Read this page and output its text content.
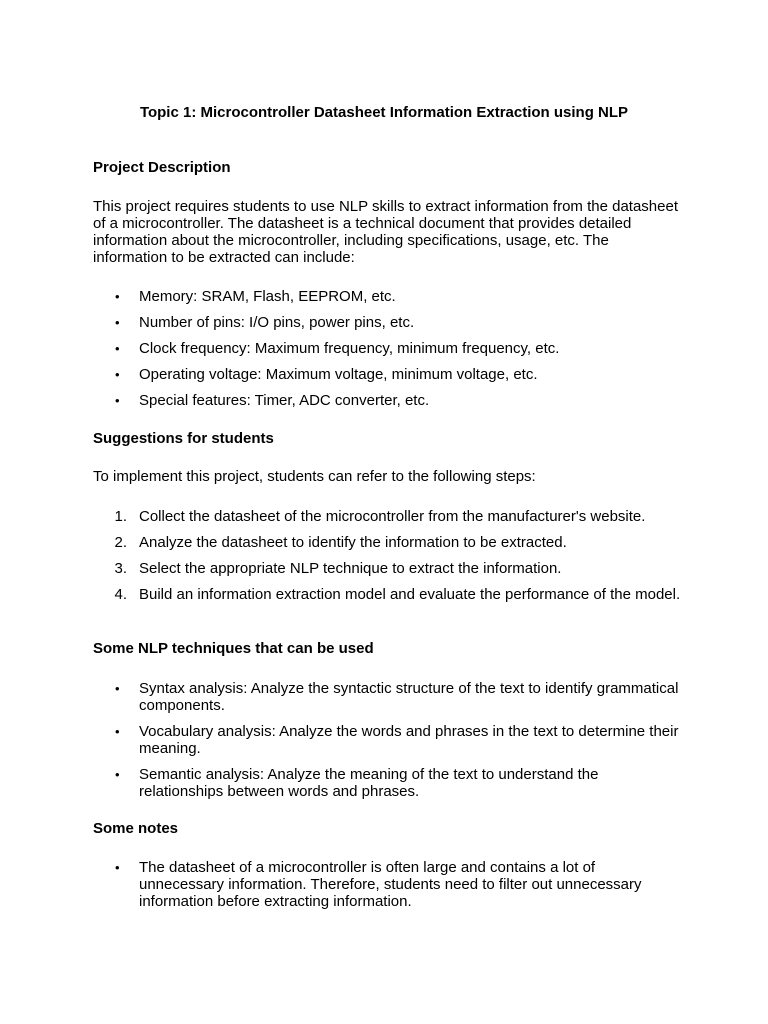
Topic 1: Microcontroller Datasheet Information Extraction using NLP
Project Description
This project requires students to use NLP skills to extract information from the datasheet of a microcontroller. The datasheet is a technical document that provides detailed information about the microcontroller, including specifications, usage, etc. The information to be extracted can include:
•	Memory: SRAM, Flash, EEPROM, etc.
•	Number of pins: I/O pins, power pins, etc.
•	Clock frequency: Maximum frequency, minimum frequency, etc.
•	Operating voltage: Maximum voltage, minimum voltage, etc.
•	Special features: Timer, ADC converter, etc.
Suggestions for students
To implement this project, students can refer to the following steps:
1. Collect the datasheet of the microcontroller from the manufacturer's website.
2. Analyze the datasheet to identify the information to be extracted.
3. Select the appropriate NLP technique to extract the information.
4. Build an information extraction model and evaluate the performance of the model.
Some NLP techniques that can be used
•	Syntax analysis: Analyze the syntactic structure of the text to identify grammatical components.
•	Vocabulary analysis: Analyze the words and phrases in the text to determine their meaning.
•	Semantic analysis: Analyze the meaning of the text to understand the relationships between words and phrases.
Some notes
•	The datasheet of a microcontroller is often large and contains a lot of unnecessary information. Therefore, students need to filter out unnecessary information before extracting information.
